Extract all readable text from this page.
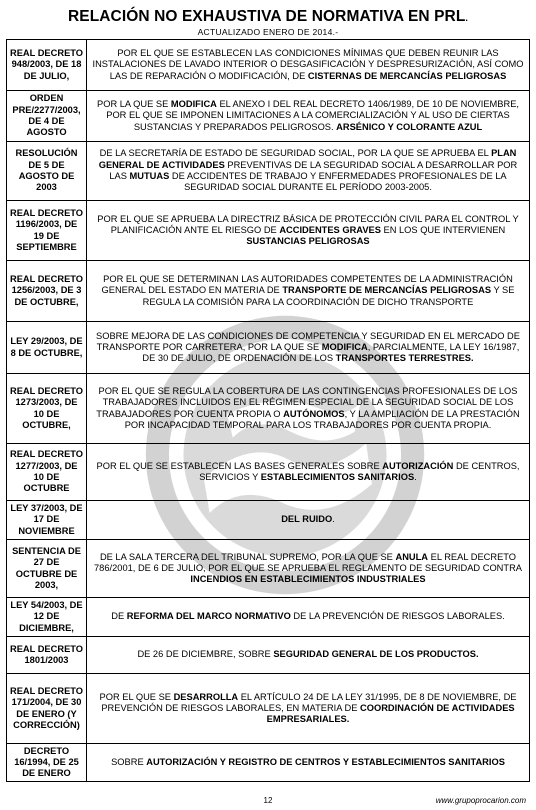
RELACIÓN NO EXHAUSTIVA DE NORMATIVA EN PRL.
ACTUALIZADO ENERO DE 2014.-
REAL DECRETO 948/2003, DE 18 DE JULIO,	POR EL QUE SE ESTABLECEN LAS CONDICIONES MÍNIMAS QUE DEBEN REUNIR LAS INSTALACIONES DE LAVADO INTERIOR O DESGASIFICACIÓN Y DESPRESURIZACIÓN, ASÍ COMO LAS DE REPARACIÓN O MODIFICACIÓN, DE CISTERNAS DE MERCANCÍAS PELIGROSAS
ORDEN PRE/2277/2003, DE 4 DE AGOSTO	POR LA QUE SE MODIFICA EL ANEXO I DEL REAL DECRETO 1406/1989, DE 10 DE NOVIEMBRE, POR EL QUE SE IMPONEN LIMITACIONES A LA COMERCIALIZACIÓN Y AL USO DE CIERTAS SUSTANCIAS Y PREPARADOS PELIGROSOS. ARSÉNICO Y COLORANTE AZUL
RESOLUCIÓN DE 5 DE AGOSTO DE 2003	DE LA SECRETARÍA DE ESTADO DE SEGURIDAD SOCIAL, POR LA QUE SE APRUEBA EL PLAN GENERAL DE ACTIVIDADES PREVENTIVAS DE LA SEGURIDAD SOCIAL A DESARROLLAR POR LAS MUTUAS DE ACCIDENTES DE TRABAJO Y ENFERMEDADES PROFESIONALES DE LA SEGURIDAD SOCIAL DURANTE EL PERÍODO 2003-2005.
REAL DECRETO 1196/2003, DE 19 DE SEPTIEMBRE	POR EL QUE SE APRUEBA LA DIRECTRIZ BÁSICA DE PROTECCIÓN CIVIL PARA EL CONTROL Y PLANIFICACIÓN ANTE EL RIESGO DE ACCIDENTES GRAVES EN LOS QUE INTERVIENEN SUSTANCIAS PELIGROSAS
REAL DECRETO 1256/2003, DE 3 DE OCTUBRE,	POR EL QUE SE DETERMINAN LAS AUTORIDADES COMPETENTES DE LA ADMINISTRACIÓN GENERAL DEL ESTADO EN MATERIA DE TRANSPORTE DE MERCANCÍAS PELIGROSAS Y SE REGULA LA COMISIÓN PARA LA COORDINACIÓN DE DICHO TRANSPORTE
LEY 29/2003, DE 8 DE OCTUBRE,	SOBRE MEJORA DE LAS CONDICIONES DE COMPETENCIA Y SEGURIDAD EN EL MERCADO DE TRANSPORTE POR CARRETERA, POR LA QUE SE MODIFICA, PARCIALMENTE, LA LEY 16/1987, DE 30 DE JULIO, DE ORDENACIÓN DE LOS TRANSPORTES TERRESTRES.
REAL DECRETO 1273/2003, DE 10 DE OCTUBRE,	POR EL QUE SE REGULA LA COBERTURA DE LAS CONTINGENCIAS PROFESIONALES DE LOS TRABAJADORES INCLUIDOS EN EL RÉGIMEN ESPECIAL DE LA SEGURIDAD SOCIAL DE LOS TRABAJADORES POR CUENTA PROPIA O AUTÓNOMOS, Y LA AMPLIACIÓN DE LA PRESTACIÓN POR INCAPACIDAD TEMPORAL PARA LOS TRABAJADORES POR CUENTA PROPIA.
REAL DECRETO 1277/2003, DE 10 DE OCTUBRE	POR EL QUE SE ESTABLECEN LAS BASES GENERALES SOBRE AUTORIZACIÓN DE CENTROS, SERVICIOS Y ESTABLECIMIENTOS SANITARIOS.
LEY 37/2003, DE 17 DE NOVIEMBRE	DEL RUIDO.
SENTENCIA DE 27 DE OCTUBRE DE 2003,	DE LA SALA TERCERA DEL TRIBUNAL SUPREMO, POR LA QUE SE ANULA EL REAL DECRETO 786/2001, DE 6 DE JULIO, POR EL QUE SE APRUEBA EL REGLAMENTO DE SEGURIDAD CONTRA INCENDIOS EN ESTABLECIMIENTOS INDUSTRIALES
LEY 54/2003, DE 12 DE DICIEMBRE,	DE REFORMA DEL MARCO NORMATIVO DE LA PREVENCIÓN DE RIESGOS LABORALES.
REAL DECRETO 1801/2003	DE 26 DE DICIEMBRE, SOBRE SEGURIDAD GENERAL DE LOS PRODUCTOS.
REAL DECRETO 171/2004, DE 30 DE ENERO (Y CORRECCIÓN)	POR EL QUE SE DESARROLLA EL ARTÍCULO 24 DE LA LEY 31/1995, DE 8 DE NOVIEMBRE, DE PREVENCIÓN DE RIESGOS LABORALES, EN MATERIA DE COORDINACIÓN DE ACTIVIDADES EMPRESARIALES.
DECRETO 16/1994, DE 25 DE ENERO	SOBRE AUTORIZACIÓN Y REGISTRO DE CENTROS Y ESTABLECIMIENTOS SANITARIOS
12	www.grupoprocarion.com
